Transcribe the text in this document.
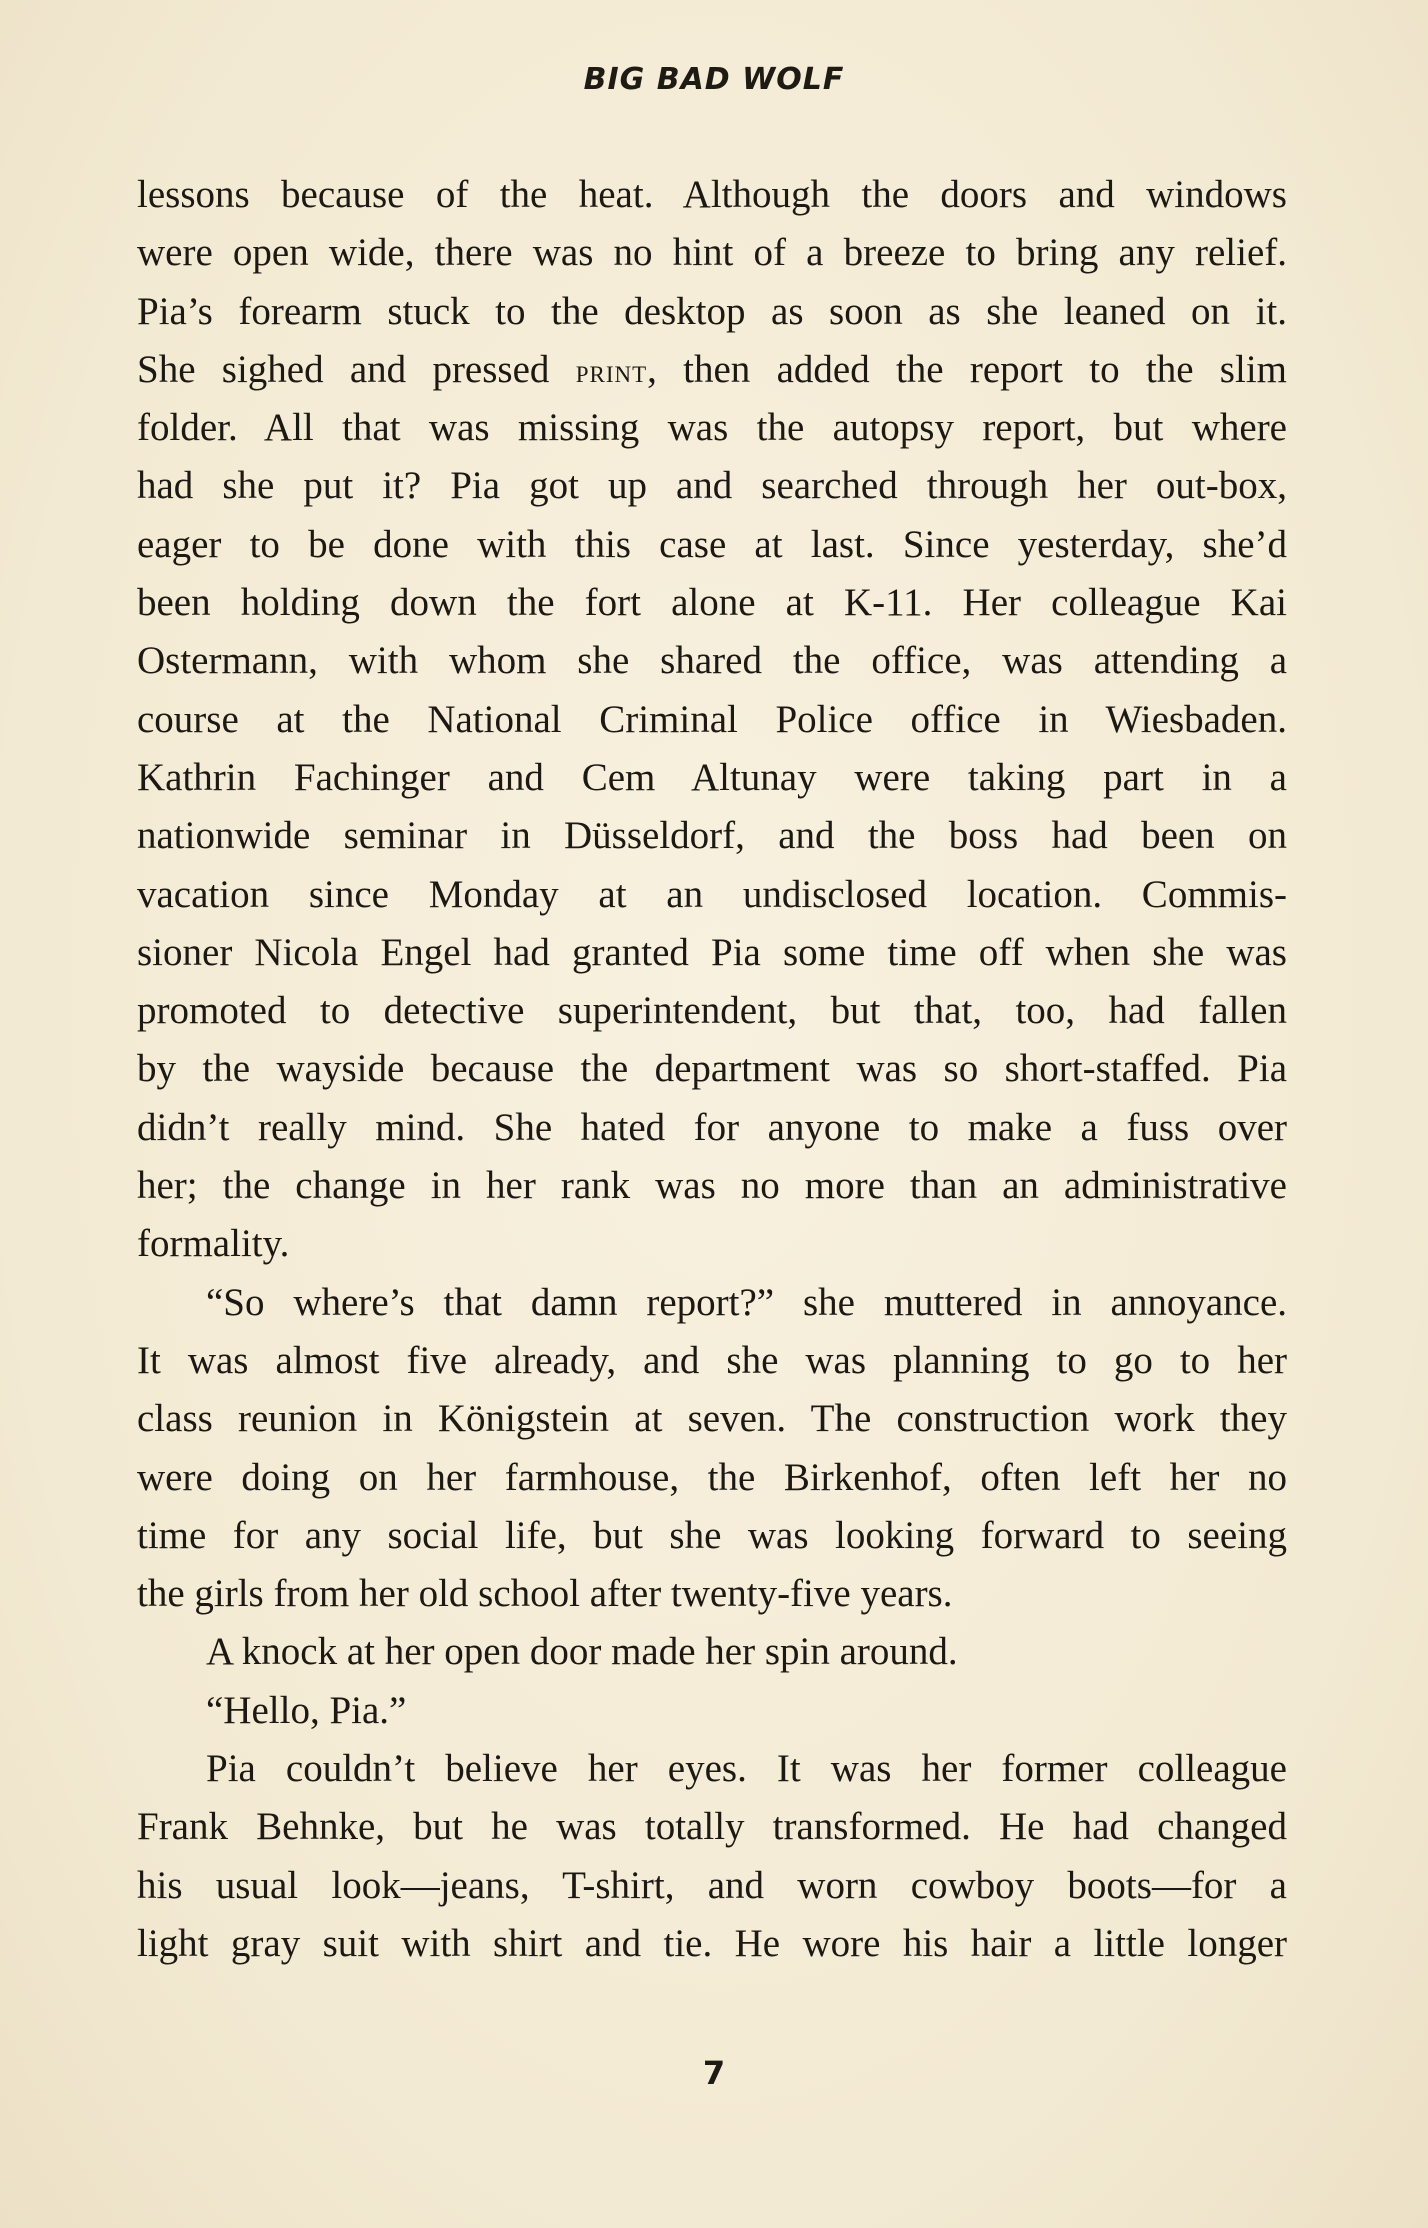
BIG BAD WOLF
lessons because of the heat. Although the doors and windows
were open wide, there was no hint of a breeze to bring any relief.
Pia’s forearm stuck to the desktop as soon as she leaned on it.
She sighed and pressed print, then added the report to the slim
folder. All that was missing was the autopsy report, but where
had she put it? Pia got up and searched through her out-box,
eager to be done with this case at last. Since yesterday, she’d
been holding down the fort alone at K-11. Her colleague Kai
Ostermann, with whom she shared the office, was attending a
course at the National Criminal Police office in Wiesbaden.
Kathrin Fachinger and Cem Altunay were taking part in a
nationwide seminar in Düsseldorf, and the boss had been on
vacation since Monday at an undisclosed location. Commis-
sioner Nicola Engel had granted Pia some time off when she was
promoted to detective superintendent, but that, too, had fallen
by the wayside because the department was so short-staffed. Pia
didn’t really mind. She hated for anyone to make a fuss over
her; the change in her rank was no more than an administrative
formality.
“So where’s that damn report?” she muttered in annoyance.
It was almost five already, and she was planning to go to her
class reunion in Königstein at seven. The construction work they
were doing on her farmhouse, the Birkenhof, often left her no
time for any social life, but she was looking forward to seeing
the girls from her old school after twenty-five years.
A knock at her open door made her spin around.
“Hello, Pia.”
Pia couldn’t believe her eyes. It was her former colleague
Frank Behnke, but he was totally transformed. He had changed
his usual look—jeans, T-shirt, and worn cowboy boots—for a
light gray suit with shirt and tie. He wore his hair a little longer
7
